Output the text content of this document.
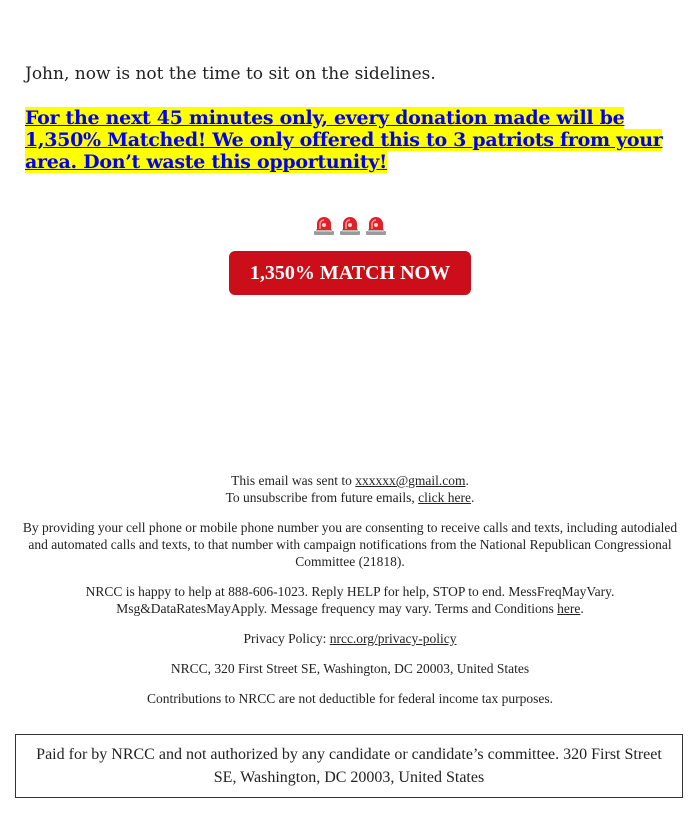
John, now is not the time to sit on the sidelines.

For the next 45 minutes only, every donation made will be 1,350% Matched! We only offered this to 3 patriots from your area. Don’t waste this opportunity!

1,350% MATCH NOW

This email was sent to xxxxxx@gmail.com.

To unsubscribe from future emails, click here.

By providing your cell phone or mobile phone number you are consenting to receive calls and texts, including autodialed and automated calls and texts, to that number with campaign notifications from the National Republican Congressional Committee (21818).

NRCC is happy to help at 888-606-1023. Reply HELP for help, STOP to end. MessFreqMayVary. Msg&DataRatesMayApply. Message frequency may vary. Terms and Conditions here.

Privacy Policy: nrcc.org/privacy-policy

NRCC, 320 First Street SE, Washington, DC 20003, United States

Contributions to NRCC are not deductible for federal income tax purposes.

Paid for by NRCC and not authorized by any candidate or candidate’s committee. 320 First Street SE, Washington, DC 20003, United States
